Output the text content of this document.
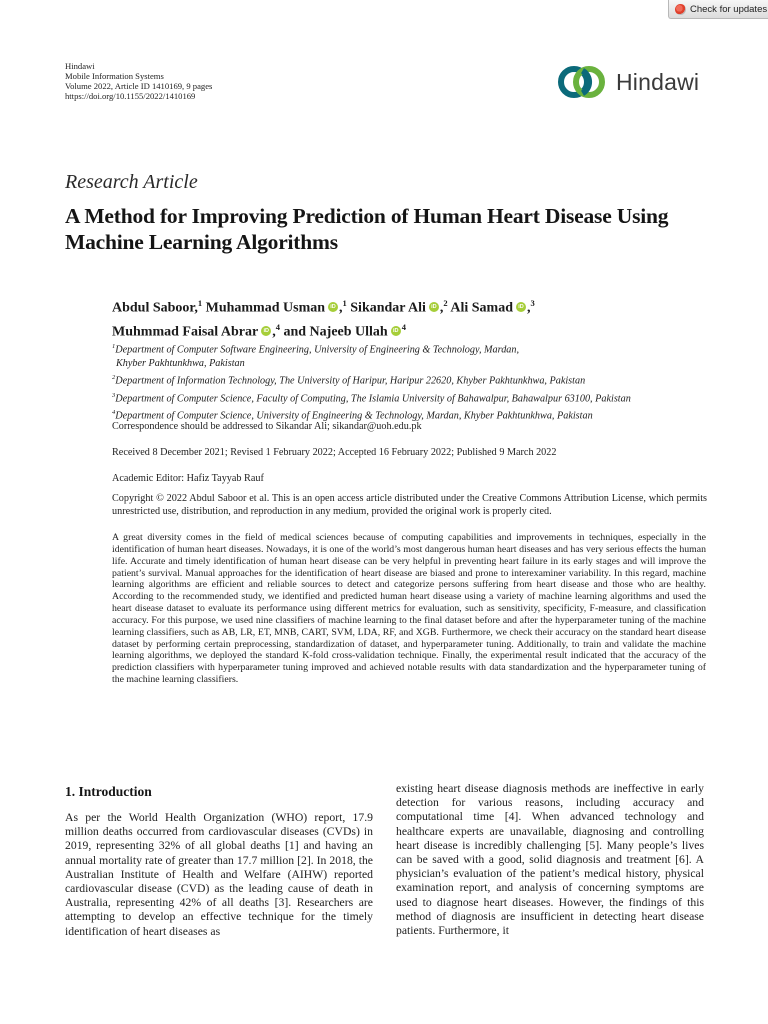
Check for updates
Hindawi
Mobile Information Systems
Volume 2022, Article ID 1410169, 9 pages
https://doi.org/10.1155/2022/1410169
Hindawi
Research Article
A Method for Improving Prediction of Human Heart Disease Using Machine Learning Algorithms
Abdul Saboor,$^1$ Muhammad Usman iD ,$^1$ Sikandar Ali iD ,$^2$ Ali Samad iD ,$^3$
Muhmmad Faisal Abrar iD ,$^4$ and Najeeb Ullah iD $^4$
$^1$Department of Computer Software Engineering, University of Engineering & Technology, Mardan,
Khyber Pakhtunkhwa, Pakistan
$^2$Department of Information Technology, The University of Haripur, Haripur 22620, Khyber Pakhtunkhwa, Pakistan
$^3$Department of Computer Science, Faculty of Computing, The Islamia University of Bahawalpur, Bahawalpur 63100, Pakistan
$^4$Department of Computer Science, University of Engineering & Technology, Mardan, Khyber Pakhtunkhwa, Pakistan
Correspondence should be addressed to Sikandar Ali; sikandar@uoh.edu.pk
Received 8 December 2021; Revised 1 February 2022; Accepted 16 February 2022; Published 9 March 2022
Academic Editor: Hafiz Tayyab Rauf
Copyright © 2022 Abdul Saboor et al. This is an open access article distributed under the Creative Commons Attribution License, which permits unrestricted use, distribution, and reproduction in any medium, provided the original work is properly cited.
A great diversity comes in the field of medical sciences because of computing capabilities and improvements in techniques, especially in the identification of human heart diseases. Nowadays, it is one of the world’s most dangerous human heart diseases and has very serious effects the human life. Accurate and timely identification of human heart disease can be very helpful in preventing heart failure in its early stages and will improve the patient’s survival. Manual approaches for the identification of heart disease are biased and prone to interexaminer variability. In this regard, machine learning algorithms are efficient and reliable sources to detect and categorize persons suffering from heart disease and those who are healthy. According to the recommended study, we identified and predicted human heart disease using a variety of machine learning algorithms and used the heart disease dataset to evaluate its performance using different metrics for evaluation, such as sensitivity, specificity, F-measure, and classification accuracy. For this purpose, we used nine classifiers of machine learning to the final dataset before and after the hyperparameter tuning of the machine learning classifiers, such as AB, LR, ET, MNB, CART, SVM, LDA, RF, and XGB. Furthermore, we check their accuracy on the standard heart disease dataset by performing certain preprocessing, standardization of dataset, and hyperparameter tuning. Additionally, to train and validate the machine learning algorithms, we deployed the standard K-fold cross-validation technique. Finally, the experimental result indicated that the accuracy of the prediction classifiers with hyperparameter tuning improved and achieved notable results with data standardization and the hyperparameter tuning of the machine learning classifiers.
1. Introduction
As per the World Health Organization (WHO) report, 17.9 million deaths occurred from cardiovascular diseases (CVDs) in 2019, representing 32% of all global deaths [1] and having an annual mortality rate of greater than 17.7 million [2]. In 2018, the Australian Institute of Health and Welfare (AIHW) reported cardiovascular disease (CVD) as the leading cause of death in Australia, representing 42% of all deaths [3]. Researchers are attempting to develop an effective technique for the timely identification of heart diseases as
existing heart disease diagnosis methods are ineffective in early detection for various reasons, including accuracy and computational time [4]. When advanced technology and healthcare experts are unavailable, diagnosing and controlling heart disease is incredibly challenging [5]. Many people’s lives can be saved with a good, solid diagnosis and treatment [6]. A physician’s evaluation of the patient’s medical history, physical examination report, and analysis of concerning symptoms are used to diagnose heart diseases. However, the findings of this method of diagnosis are insufficient in detecting heart disease patients. Furthermore, it
